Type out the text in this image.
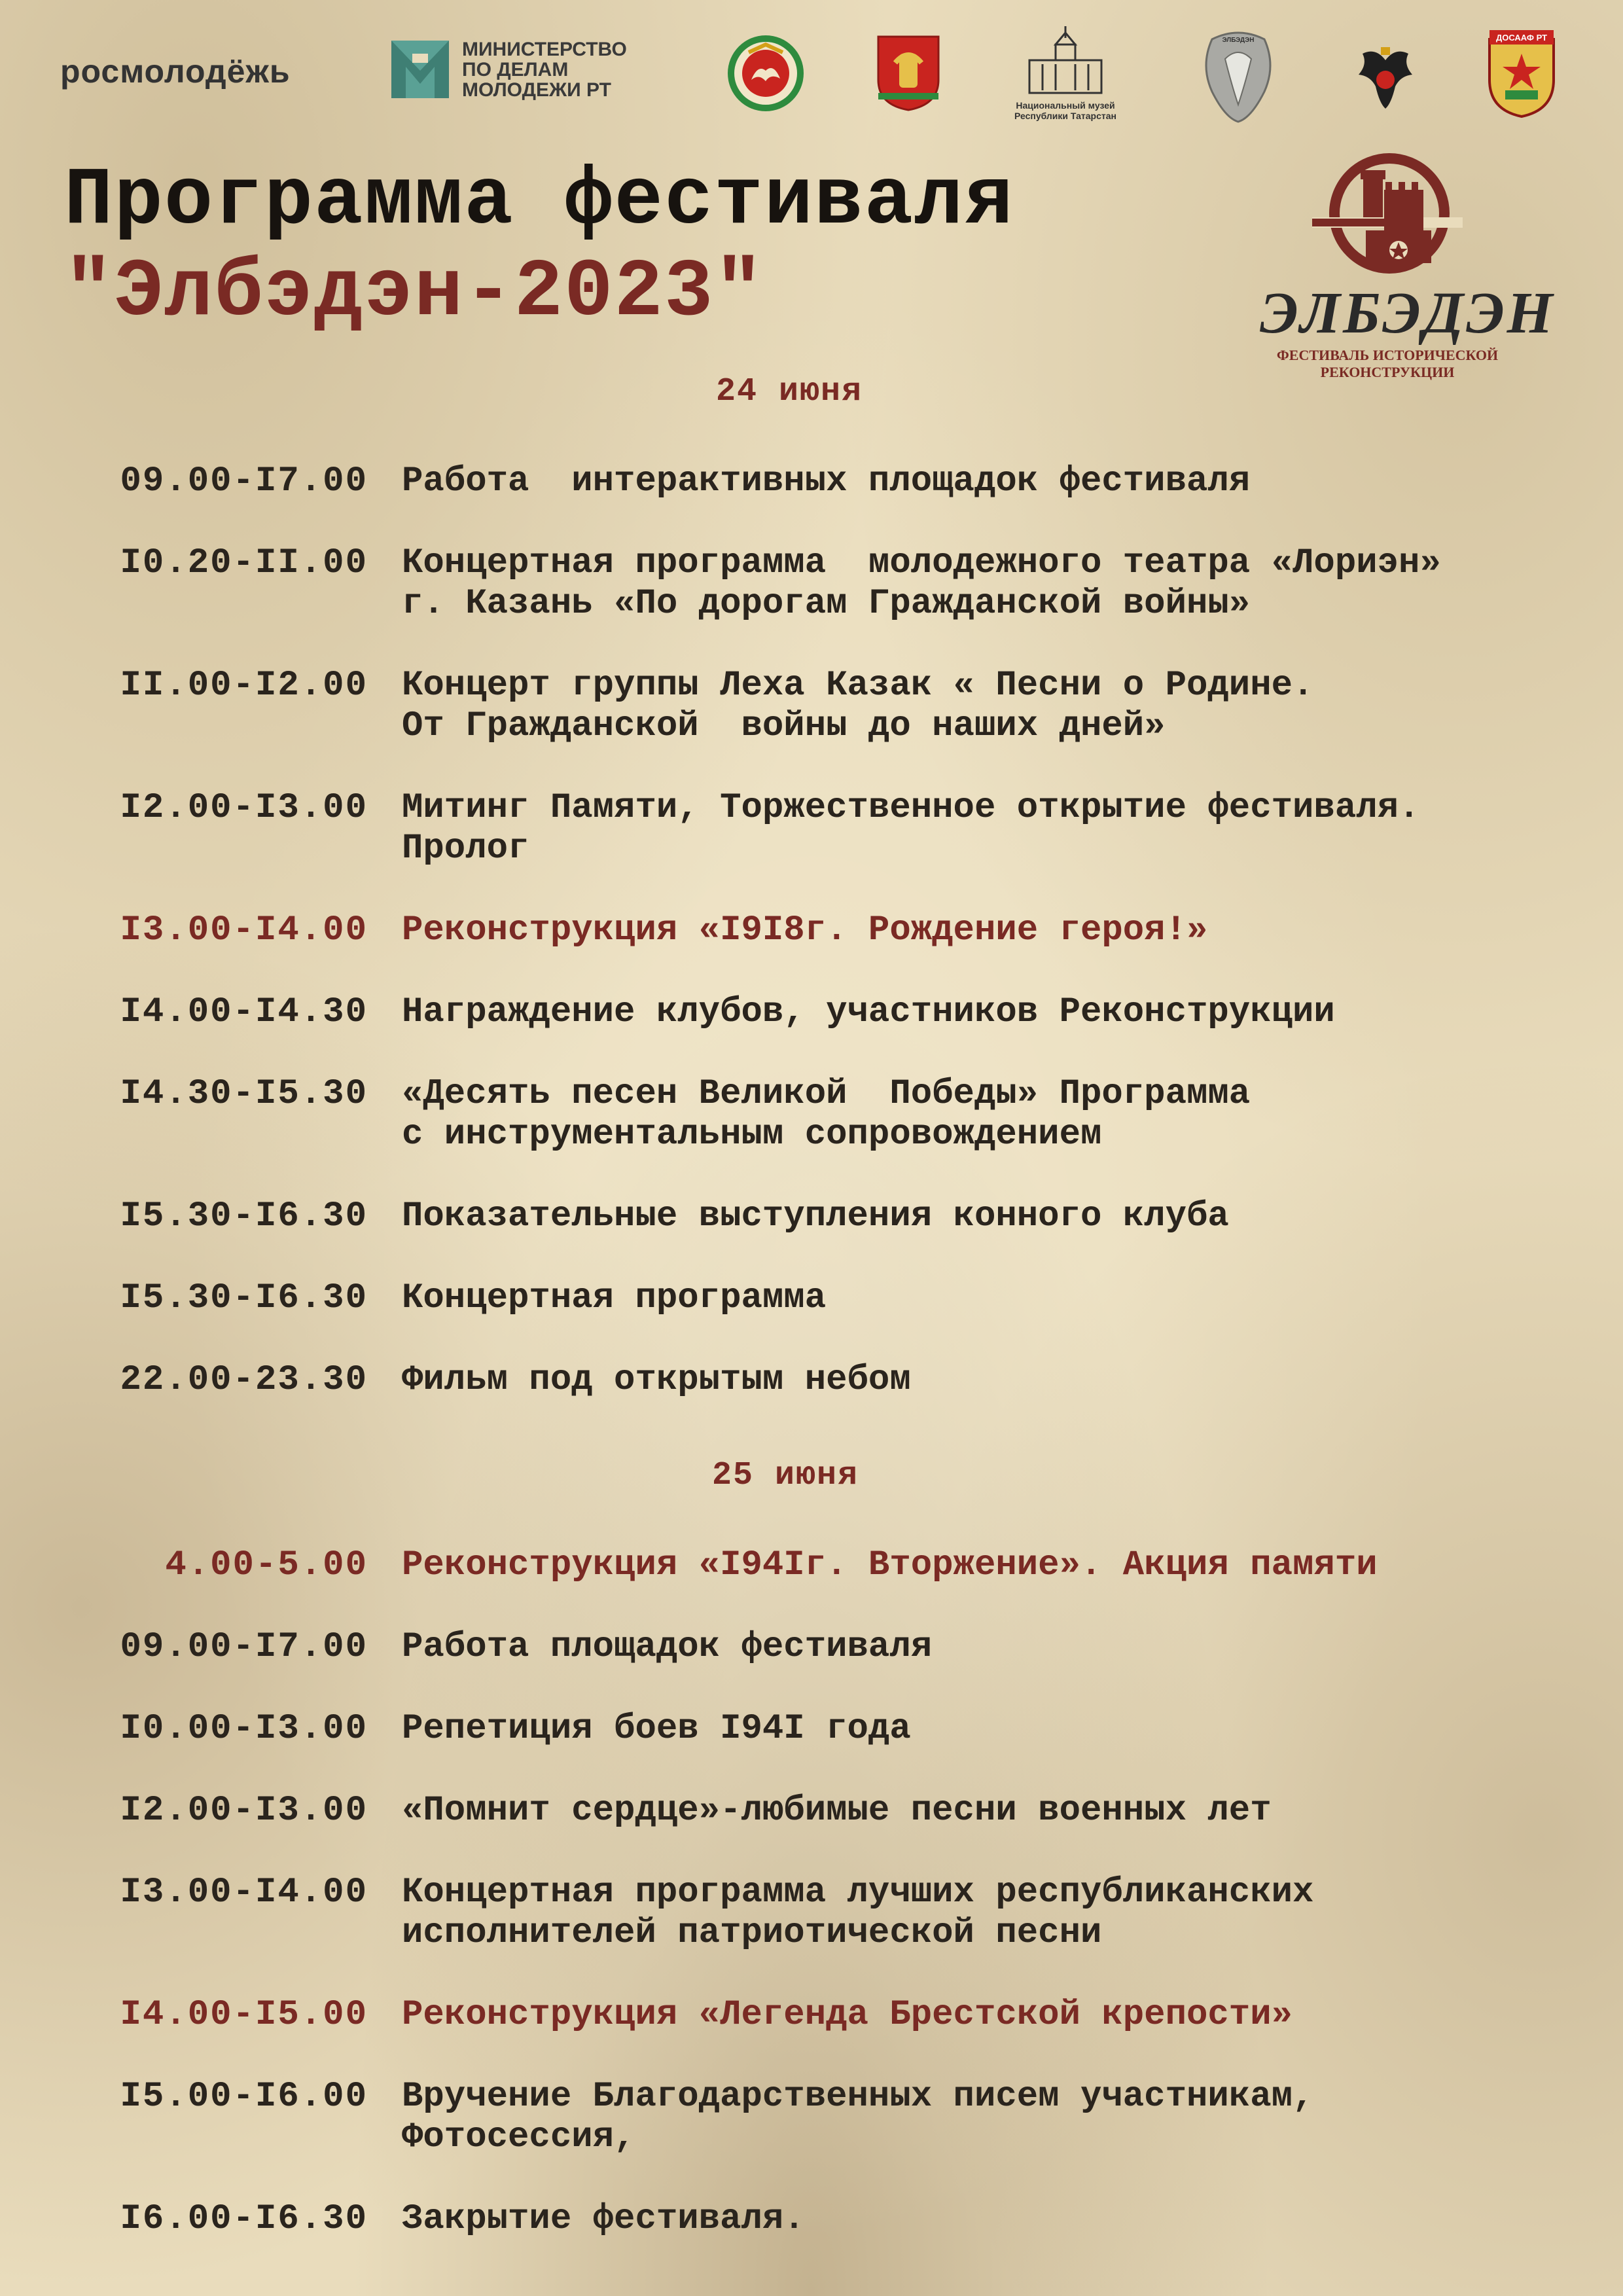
росмолодёжь
МИНИСТЕРСТВО
ПО ДЕЛАМ
МОЛОДЕЖИ РТ
Национальный музей
Республики Татарстан
ЭЛБЭДЭН	ДОСААФ РТ
Программа фестиваля
"Элбэдэн-2023"	ЭЛБЭДЭН
ФЕСТИВАЛЬ ИСТОРИЧЕСКОЙ
РЕКОНСТРУКЦИИ
24 июня
09.00-I7.00 Работа  интерактивных площадок фестиваля
I0.20-II.00 Концертная программа  молодежного театра «Лориэн»
г. Казань «По дорогам Гражданской войны»
II.00-I2.00 Концерт группы Леха Казак « Песни о Родине.
От Гражданской  войны до наших дней»
I2.00-I3.00 Митинг Памяти, Торжественное открытие фестиваля.
Пролог
I3.00-I4.00 Реконструкция «I9I8г. Рождение героя!»
I4.00-I4.30 Награждение клубов, участников Реконструкции
I4.30-I5.30 «Десять песен Великой  Победы» Программа
с инструментальным сопровождением
I5.30-I6.30 Показательные выступления конного клуба
I5.30-I6.30 Концертная программа
22.00-23.30 Фильм под открытым небом
25 июня
4.00-5.00 Реконструкция «I94Iг. Вторжение». Акция памяти
09.00-I7.00 Работа площадок фестиваля
I0.00-I3.00 Репетиция боев I94I года
I2.00-I3.00 «Помнит сердце»-любимые песни военных лет
I3.00-I4.00 Концертная программа лучших республиканских
исполнителей патриотической песни
I4.00-I5.00 Реконструкция «Легенда Брестской крепости»
I5.00-I6.00 Вручение Благодарственных писем участникам,
Фотосессия,
I6.00-I6.30 Закрытие фестиваля.
